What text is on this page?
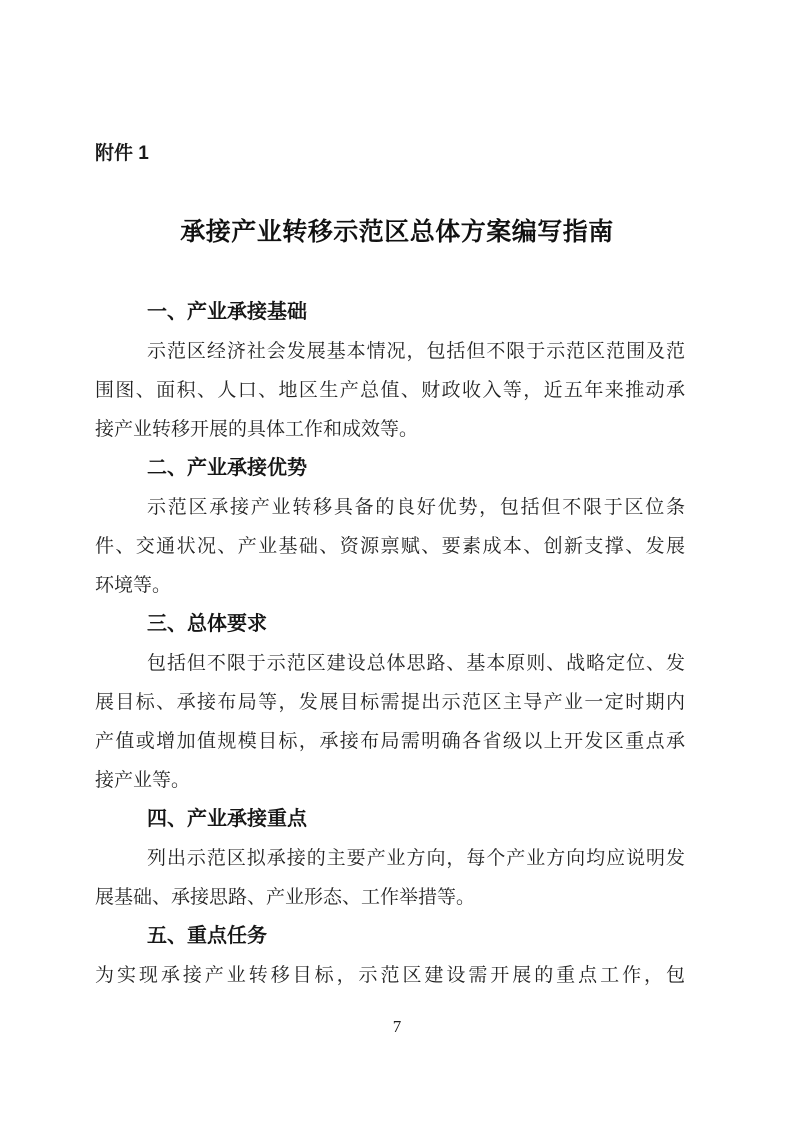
附件 1
承接产业转移示范区总体方案编写指南
一、产业承接基础
示范区经济社会发展基本情况，包括但不限于示范区范围及范
围图、面积、人口、地区生产总值、财政收入等，近五年来推动承
接产业转移开展的具体工作和成效等。
二、产业承接优势
示范区承接产业转移具备的良好优势，包括但不限于区位条
件、交通状况、产业基础、资源禀赋、要素成本、创新支撑、发展
环境等。
三、总体要求
包括但不限于示范区建设总体思路、基本原则、战略定位、发
展目标、承接布局等，发展目标需提出示范区主导产业一定时期内
产值或增加值规模目标，承接布局需明确各省级以上开发区重点承
接产业等。
四、产业承接重点
列出示范区拟承接的主要产业方向，每个产业方向均应说明发
展基础、承接思路、产业形态、工作举措等。
五、重点任务
为实现承接产业转移目标，示范区建设需开展的重点工作，包
7
